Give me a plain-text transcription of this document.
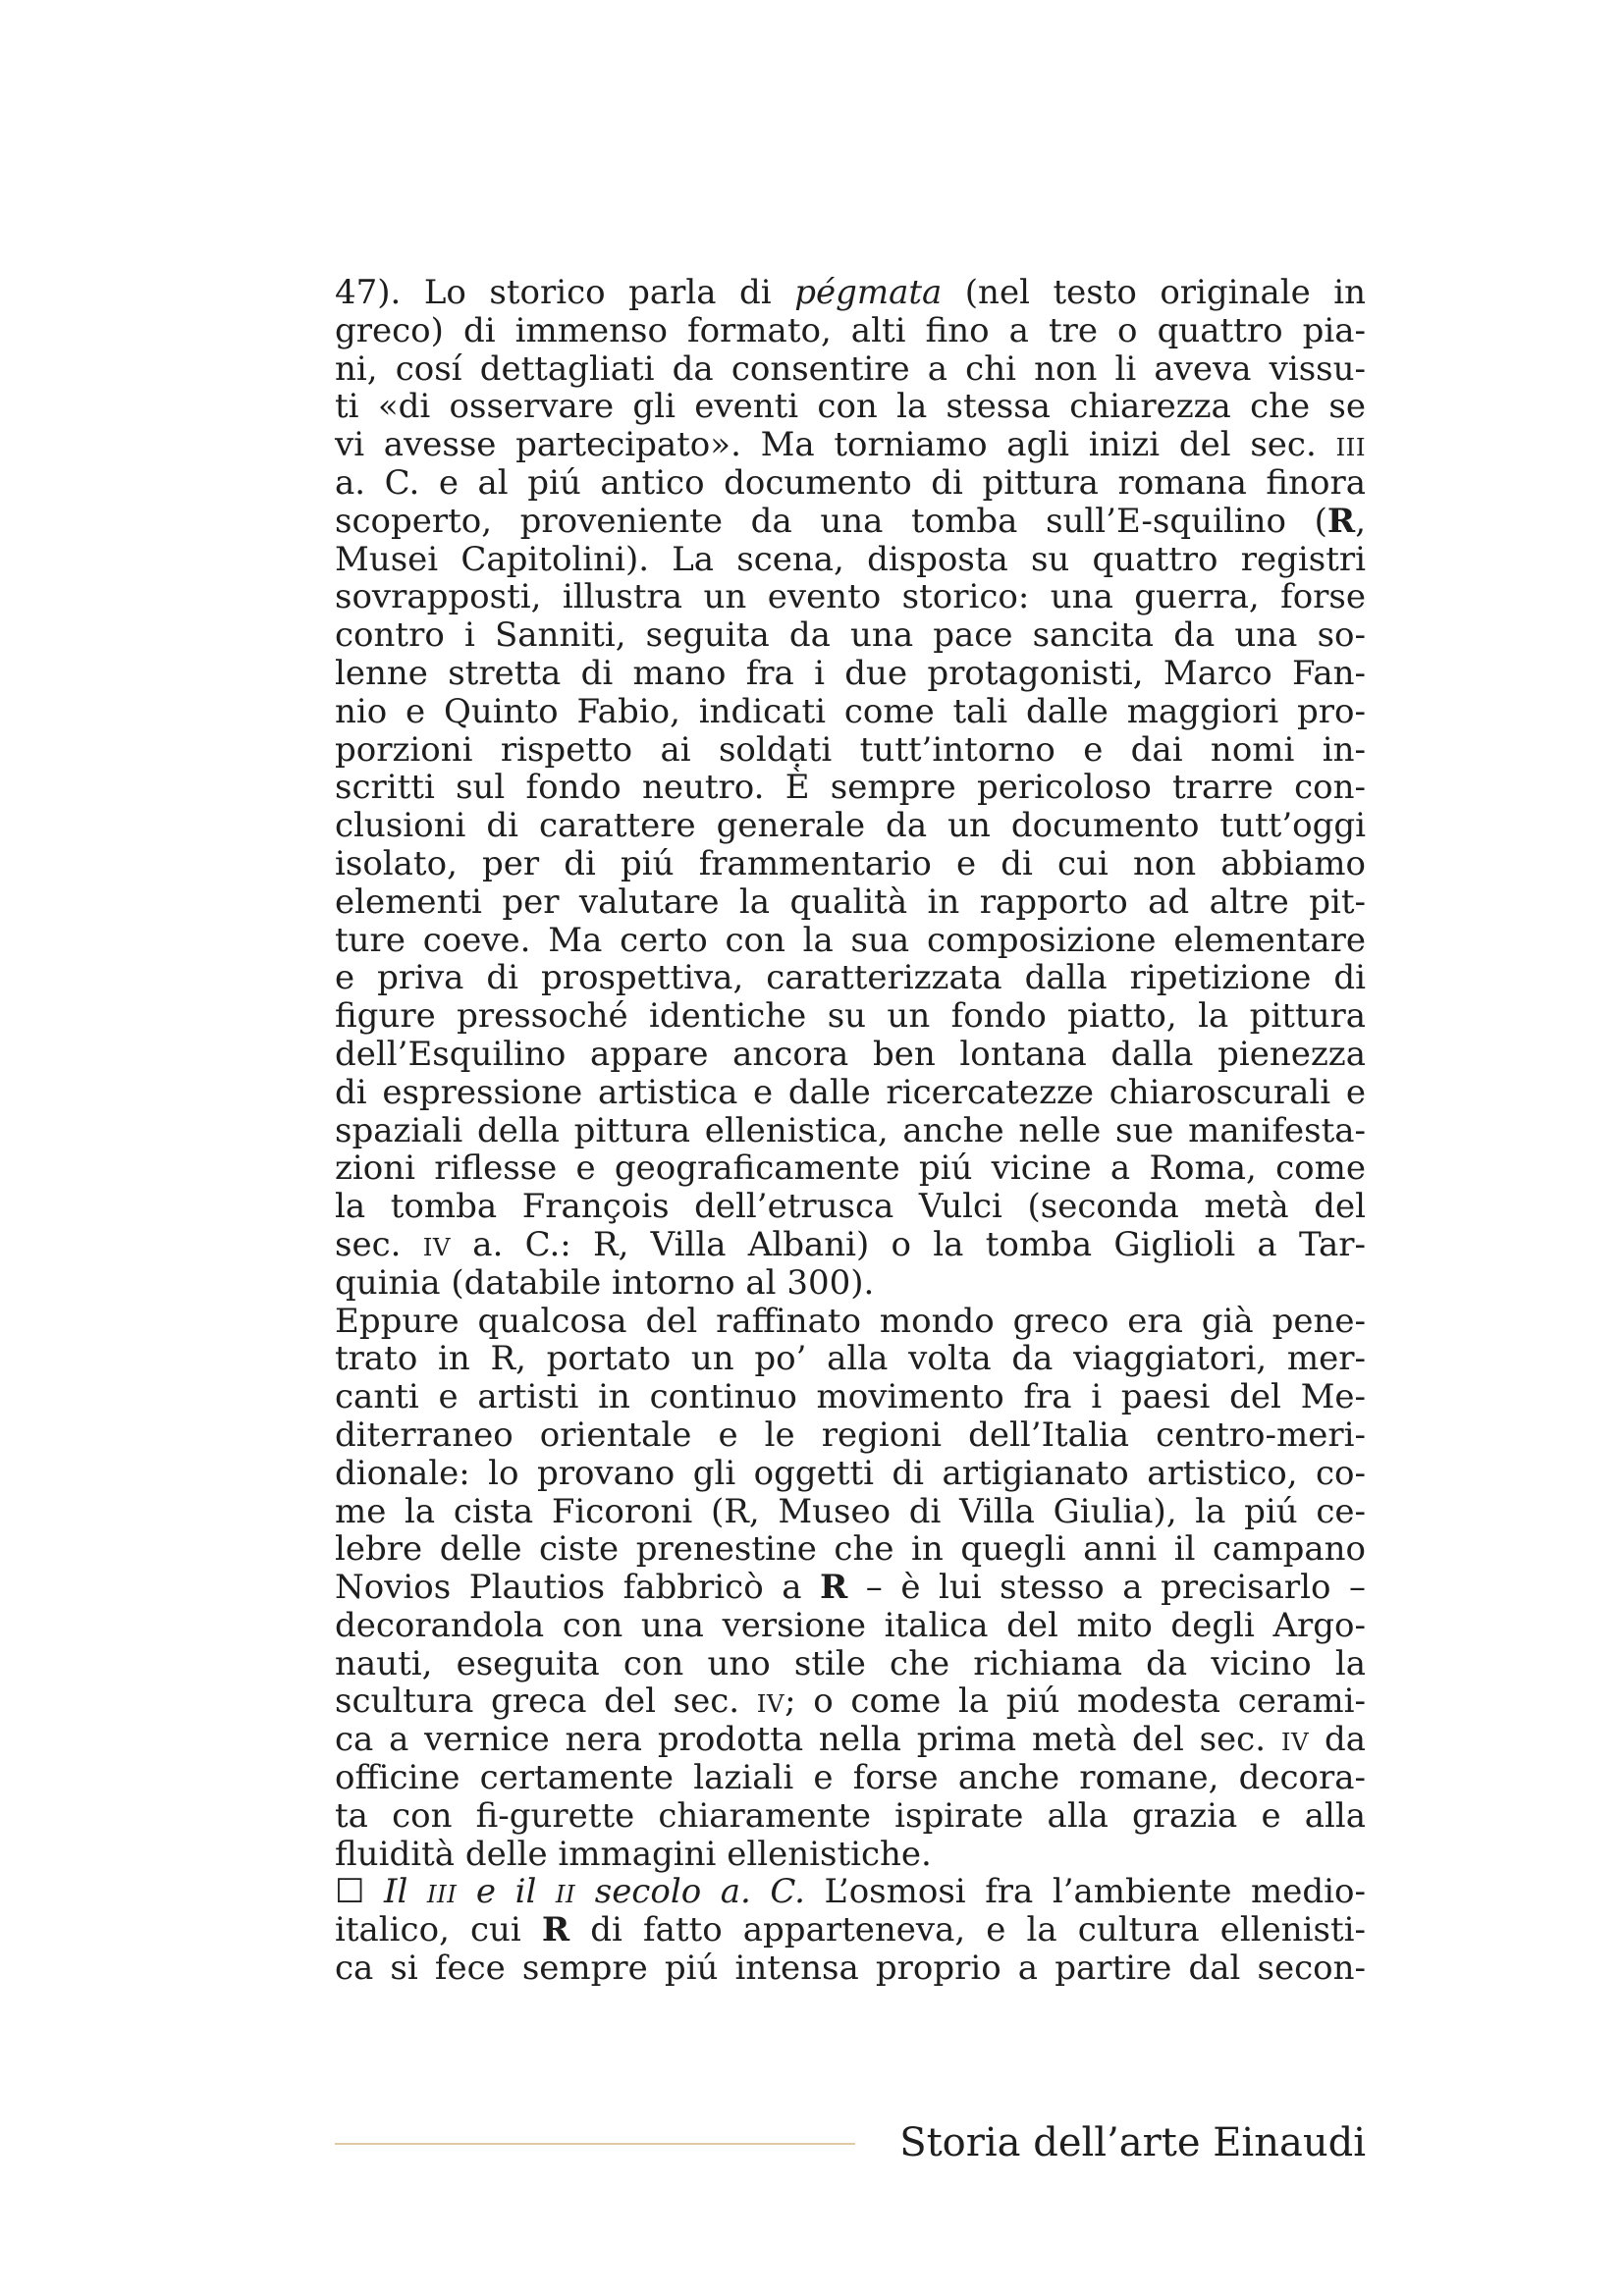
47). Lo storico parla di pégmata (nel testo originale in
greco) di immenso formato, alti fino a tre o quattro pia-
ni, cosí dettagliati da consentire a chi non li aveva vissu-
ti «di osservare gli eventi con la stessa chiarezza che se
vi avesse partecipato». Ma torniamo agli inizi del sec. III
a. C. e al piú antico documento di pittura romana finora
scoperto, proveniente da una tomba sull’E-squilino (R,
Musei Capitolini). La scena, disposta su quattro registri
sovrapposti, illustra un evento storico: una guerra, forse
contro i Sanniti, seguita da una pace sancita da una so-
lenne stretta di mano fra i due protagonisti, Marco Fan-
nio e Quinto Fabio, indicati come tali dalle maggiori pro-
porzioni rispetto ai soldạti tutt’intorno e dai nomi in-
scritti sul fondo neutro. È sempre pericoloso trarre con-
clusioni di carattere generale da un documento tutt’oggi
isolato, per di piú frammentario e di cui non abbiamo
elementi per valutare la qualità in rapporto ad altre pit-
ture coeve. Ma certo con la sua composizione elementare
e priva di prospettiva, caratterizzata dalla ripetizione di
figure pressoché identiche su un fondo piatto, la pittura
dell’Esquilino appare ancora ben lontana dalla pienezza
di espressione artistica e dalle ricercatezze chiaroscurali e
spaziali della pittura ellenistica, anche nelle sue manifesta-
zioni riflesse e geograficamente piú vicine a Roma, come
la tomba François dell’etrusca Vulci (seconda metà del
sec. IV a. C.: R, Villa Albani) o la tomba Giglioli a Tar-
quinia (databile intorno al 300).
Eppure qualcosa del raffinato mondo greco era già pene-
trato in R, portato un po’ alla volta da viaggiatori, mer-
canti e artisti in continuo movimento fra i paesi del Me-
diterraneo orientale e le regioni dell’Italia centro-meri-
dionale: lo provano gli oggetti di artigianato artistico, co-
me la cista Ficoroni (R, Museo di Villa Giulia), la piú ce-
lebre delle ciste prenestine che in quegli anni il campano
Novios Plautios fabbricò a R – è lui stesso a precisarlo –
decorandola con una versione italica del mito degli Argo-
nauti, eseguita con uno stile che richiama da vicino la
scultura greca del sec. IV; o come la piú modesta cerami-
ca a vernice nera prodotta nella prima metà del sec. IV da
officine certamente laziali e forse anche romane, decora-
ta con fi-gurette chiaramente ispirate alla grazia e alla
fluidità delle immagini ellenistiche.
☐ Il III e il II secolo a. C. L’osmosi fra l’ambiente medio-
italico, cui R di fatto apparteneva, e la cultura ellenisti-
ca si fece sempre piú intensa proprio a partire dal secon-
Storia dell’arte Einaudi
